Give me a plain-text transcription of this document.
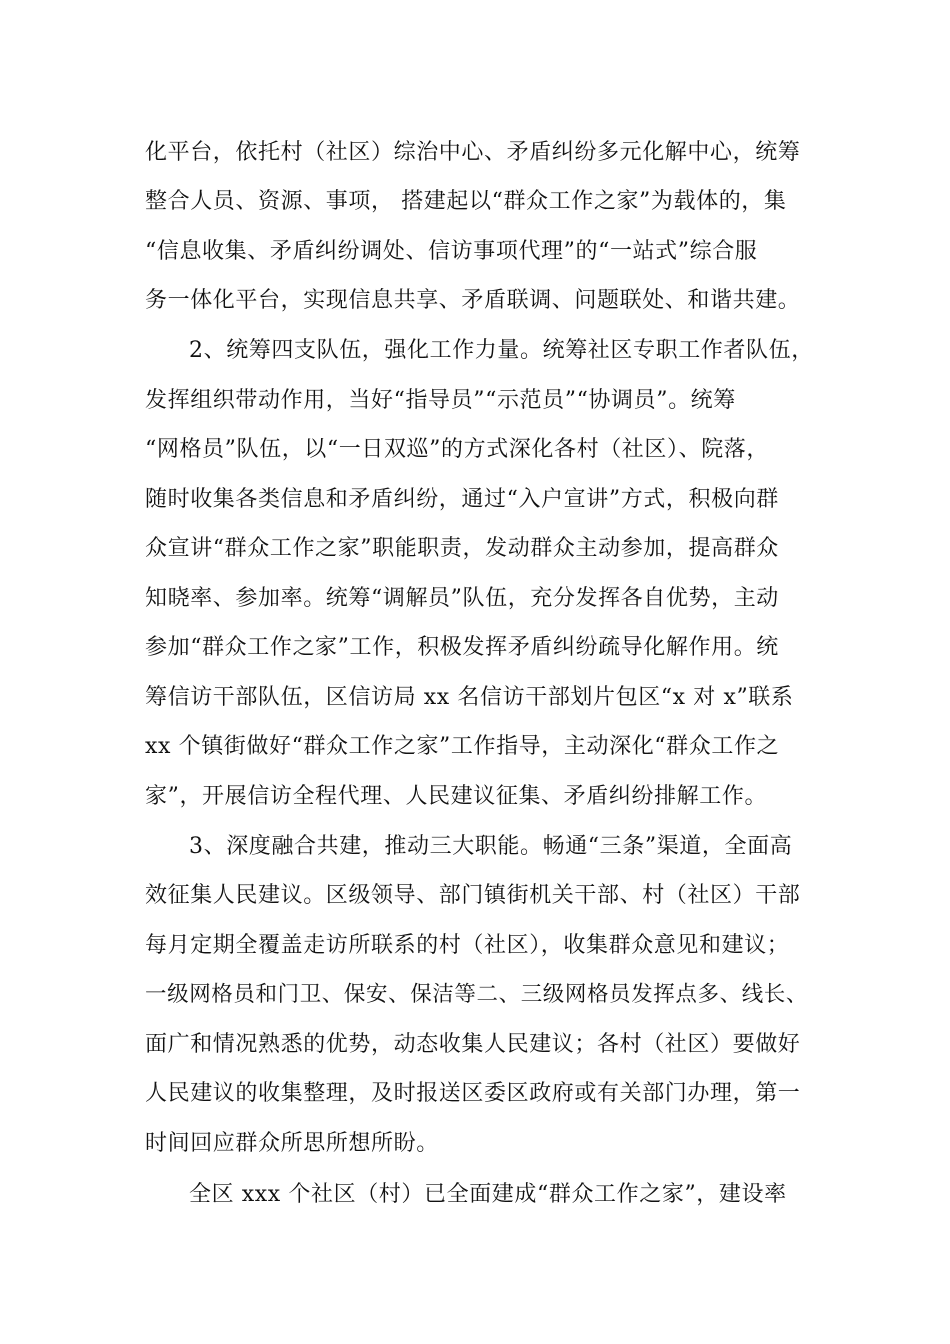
化平台，依托村（社区）综治中心、矛盾纠纷多元化解中心，统筹
整合人员、资源、事项， 搭建起以“群众工作之家”为载体的，集
“信息收集、矛盾纠纷调处、信访事项代理”的“一站式”综合服
务一体化平台，实现信息共享、矛盾联调、问题联处、和谐共建。
2、统筹四支队伍，强化工作力量。统筹社区专职工作者队伍，
发挥组织带动作用，当好“指导员”“示范员”“协调员”。统筹
“网格员”队伍，以“一日双巡”的方式深化各村（社区）、院落，
随时收集各类信息和矛盾纠纷，通过“入户宣讲”方式，积极向群
众宣讲“群众工作之家”职能职责，发动群众主动参加，提高群众
知晓率、参加率。统筹“调解员”队伍，充分发挥各自优势，主动
参加“群众工作之家”工作，积极发挥矛盾纠纷疏导化解作用。统
筹信访干部队伍，区信访局 xx 名信访干部划片包区“x 对 x”联系
xx 个镇街做好“群众工作之家”工作指导，主动深化“群众工作之
家”，开展信访全程代理、人民建议征集、矛盾纠纷排解工作。
3、深度融合共建，推动三大职能。畅通“三条”渠道，全面高
效征集人民建议。区级领导、部门镇街机关干部、村（社区）干部
每月定期全覆盖走访所联系的村（社区），收集群众意见和建议；
一级网格员和门卫、保安、保洁等二、三级网格员发挥点多、线长、
面广和情况熟悉的优势，动态收集人民建议；各村（社区）要做好
人民建议的收集整理，及时报送区委区政府或有关部门办理，第一
时间回应群众所思所想所盼。
全区 xxx 个社区（村）已全面建成“群众工作之家”，建设率
